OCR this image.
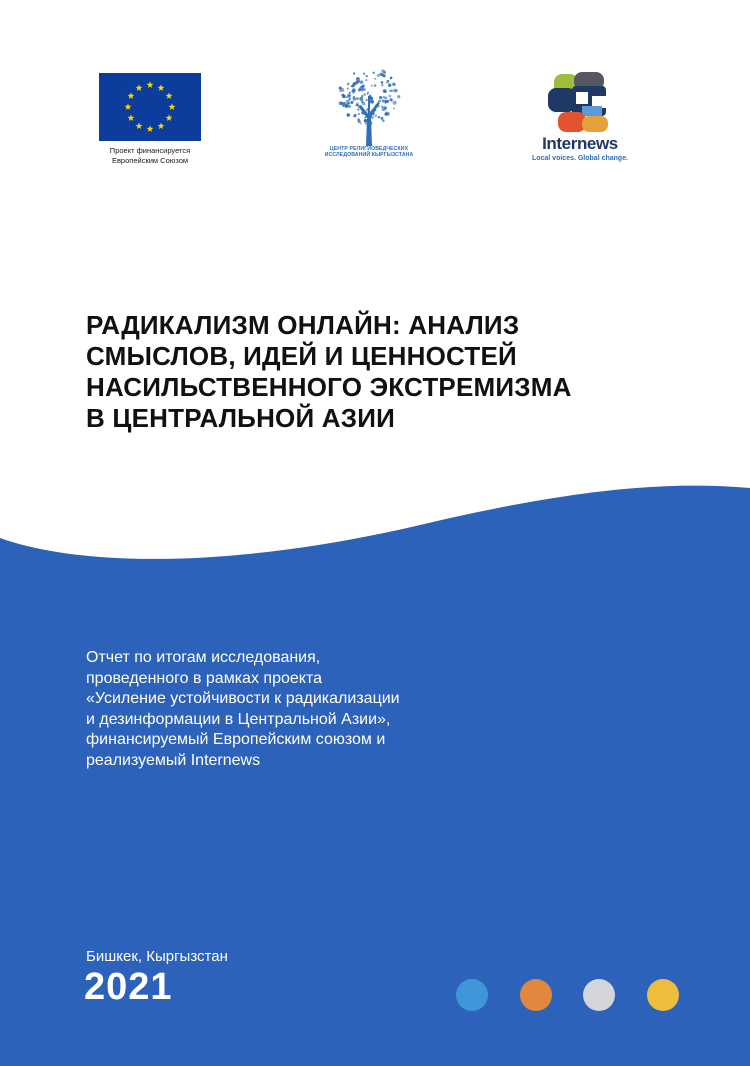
Проект финансируется
Европейским Союзом
ЦЕНТР РЕЛИГИОВЕДЧЕСКИХ ИССЛЕДОВАНИЙ КЫРГЫЗСТАНА
Internews
Local voices. Global change.
РАДИКАЛИЗМ ОНЛАЙН: АНАЛИЗ
СМЫСЛОВ, ИДЕЙ И ЦЕННОСТЕЙ
НАСИЛЬСТВЕННОГО ЭКСТРЕМИЗМА
В ЦЕНТРАЛЬНОЙ АЗИИ

Отчет по итогам исследования,
проведенного в рамках проекта
«Усиление устойчивости к радикализации
и дезинформации в Центральной Азии»,
финансируемый Европейским союзом и
реализуемый Internews

Бишкек, Кыргызстан

2021
